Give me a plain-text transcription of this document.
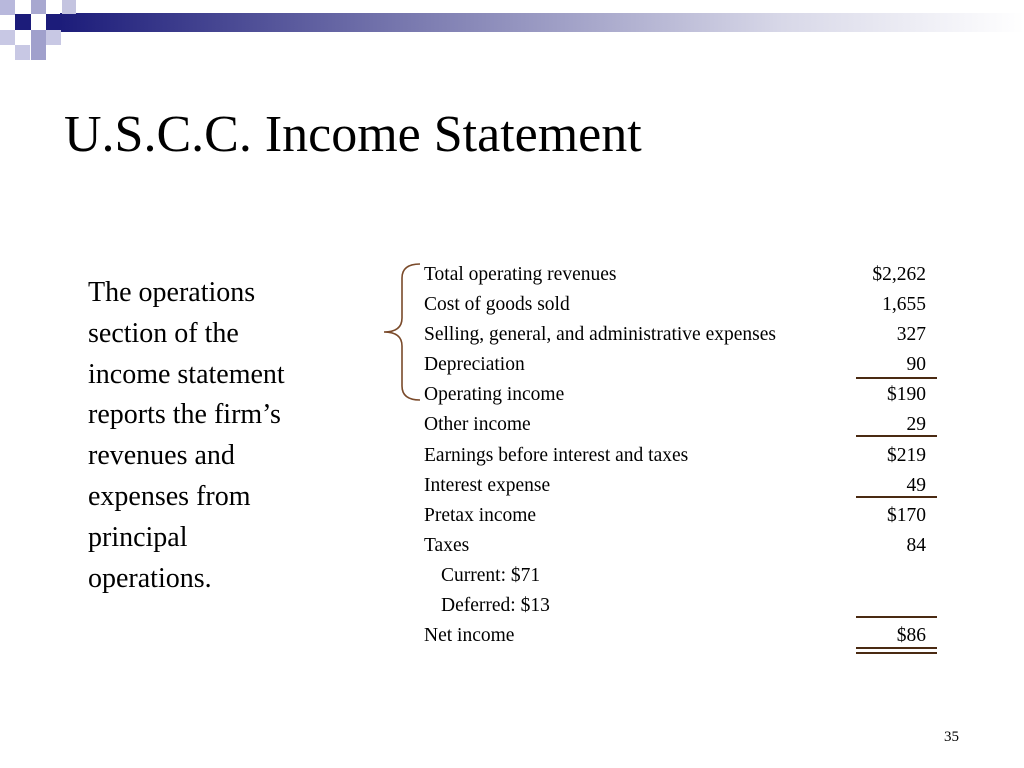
U.S.C.C. Income Statement
The operations
section of the
income statement
reports the firm’s
revenues and
expenses from
principal
operations.
Total operating revenues	$2,262
Cost of goods sold	1,655
Selling, general, and administrative expenses	327
Depreciation	90
Operating income	$190
Other income	29
Earnings before interest and taxes	$219
Interest expense	49
Pretax income	$170
Taxes	84
Current: $71
Deferred: $13
Net income	$86
35
